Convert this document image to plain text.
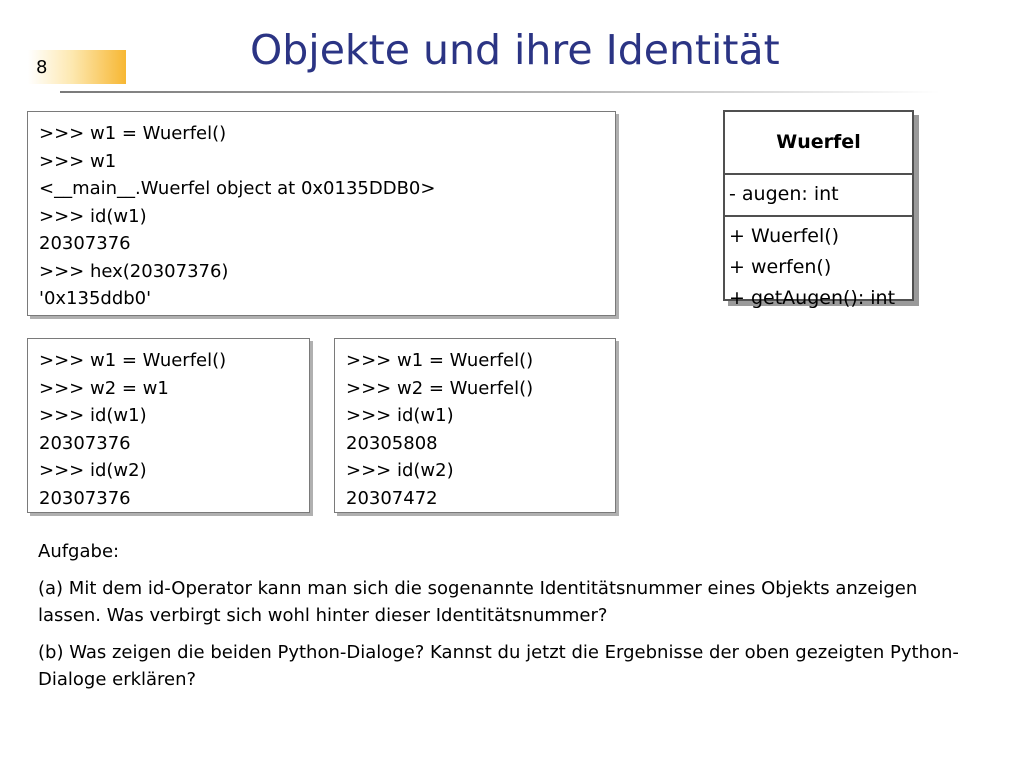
8	Objekte und ihre Identität
>>> w1 = Wuerfel()
>>> w1
<__main__.Wuerfel object at 0x0135DDB0>
>>> id(w1)
20307376
>>> hex(20307376)
'0x135ddb0'
Wuerfel
- augen: int
+ Wuerfel()
+ werfen()
+ getAugen(): int
>>> w1 = Wuerfel()
>>> w2 = w1
>>> id(w1)
20307376
>>> id(w2)
20307376
>>> w1 = Wuerfel()
>>> w2 = Wuerfel()
>>> id(w1)
20305808
>>> id(w2)
20307472

Aufgabe:

(a) Mit dem id-Operator kann man sich die sogenannte Identitätsnummer eines Objekts anzeigen lassen. Was verbirgt sich wohl hinter dieser Identitätsnummer?

(b) Was zeigen die beiden Python-Dialoge? Kannst du jetzt die Ergebnisse der oben gezeigten Python-Dialoge erklären?
